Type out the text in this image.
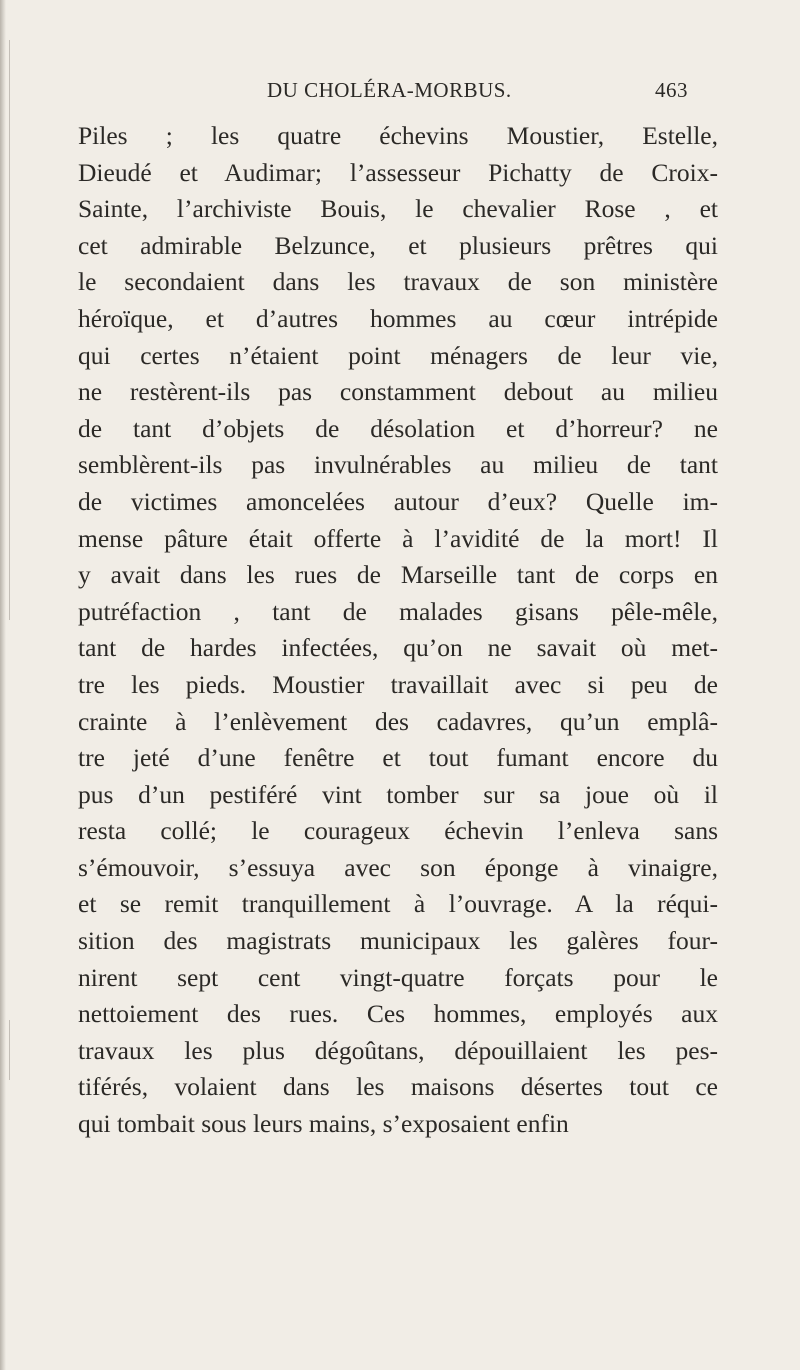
DU CHOLÉRA-MORBUS.	463
Piles ; les quatre échevins Moustier, Estelle,
Dieudé et Audimar; l’assesseur Pichatty de Croix-
Sainte, l’archiviste Bouis, le chevalier Rose , et
cet admirable Belzunce, et plusieurs prêtres qui
le secondaient dans les travaux de son ministère
héroïque, et d’autres hommes au cœur intrépide
qui certes n’étaient point ménagers de leur vie,
ne restèrent-ils pas constamment debout au milieu
de tant d’objets de désolation et d’horreur? ne
semblèrent-ils pas invulnérables au milieu de tant
de victimes amoncelées autour d’eux? Quelle im-
mense pâture était offerte à l’avidité de la mort! Il
y avait dans les rues de Marseille tant de corps en
putréfaction , tant de malades gisans pêle-mêle,
tant de hardes infectées, qu’on ne savait où met-
tre les pieds. Moustier travaillait avec si peu de
crainte à l’enlèvement des cadavres, qu’un emplâ-
tre jeté d’une fenêtre et tout fumant encore du
pus d’un pestiféré vint tomber sur sa joue où il
resta collé; le courageux échevin l’enleva sans
s’émouvoir, s’essuya avec son éponge à vinaigre,
et se remit tranquillement à l’ouvrage. A la réqui-
sition des magistrats municipaux les galères four-
nirent sept cent vingt-quatre forçats pour le
nettoiement des rues. Ces hommes, employés aux
travaux les plus dégoûtans, dépouillaient les pes-
tiférés, volaient dans les maisons désertes tout ce
qui tombait sous leurs mains, s’exposaient enfin
